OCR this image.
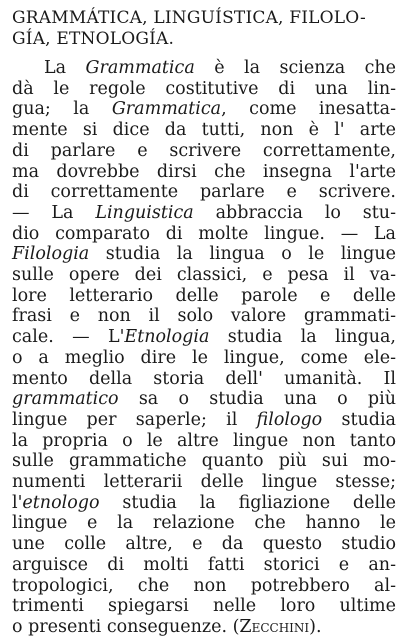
GRAMMÁTICA, LINGUÍSTICA, FILOLO-
GÍA, ETNOLOGÍA.
La Grammatica è la scienza che
dà le regole costitutive di una lin-
gua; la Grammatica, come inesatta-
mente si dice da tutti, non è l' arte
di parlare e scrivere correttamente,
ma dovrebbe dirsi che insegna l'arte
di correttamente parlare e scrivere.
— La Linguistica abbraccia lo stu-
dio comparato di molte lingue. — La
Filologia studia la lingua o le lingue
sulle opere dei classici, e pesa il va-
lore letterario delle parole e delle
frasi e non il solo valore grammati-
cale. — L'Etnologia studia la lingua,
o a meglio dire le lingue, come ele-
mento della storia dell' umanità. Il
grammatico sa o studia una o più
lingue per saperle; il filologo studia
la propria o le altre lingue non tanto
sulle grammatiche quanto più sui mo-
numenti letterarii delle lingue stesse;
l'etnologo studia la figliazione delle
lingue e la relazione che hanno le
une colle altre, e da questo studio
arguisce di molti fatti storici e an-
tropologici, che non potrebbero al-
trimenti spiegarsi nelle loro ultime
o presenti conseguenze. (Zecchini).
